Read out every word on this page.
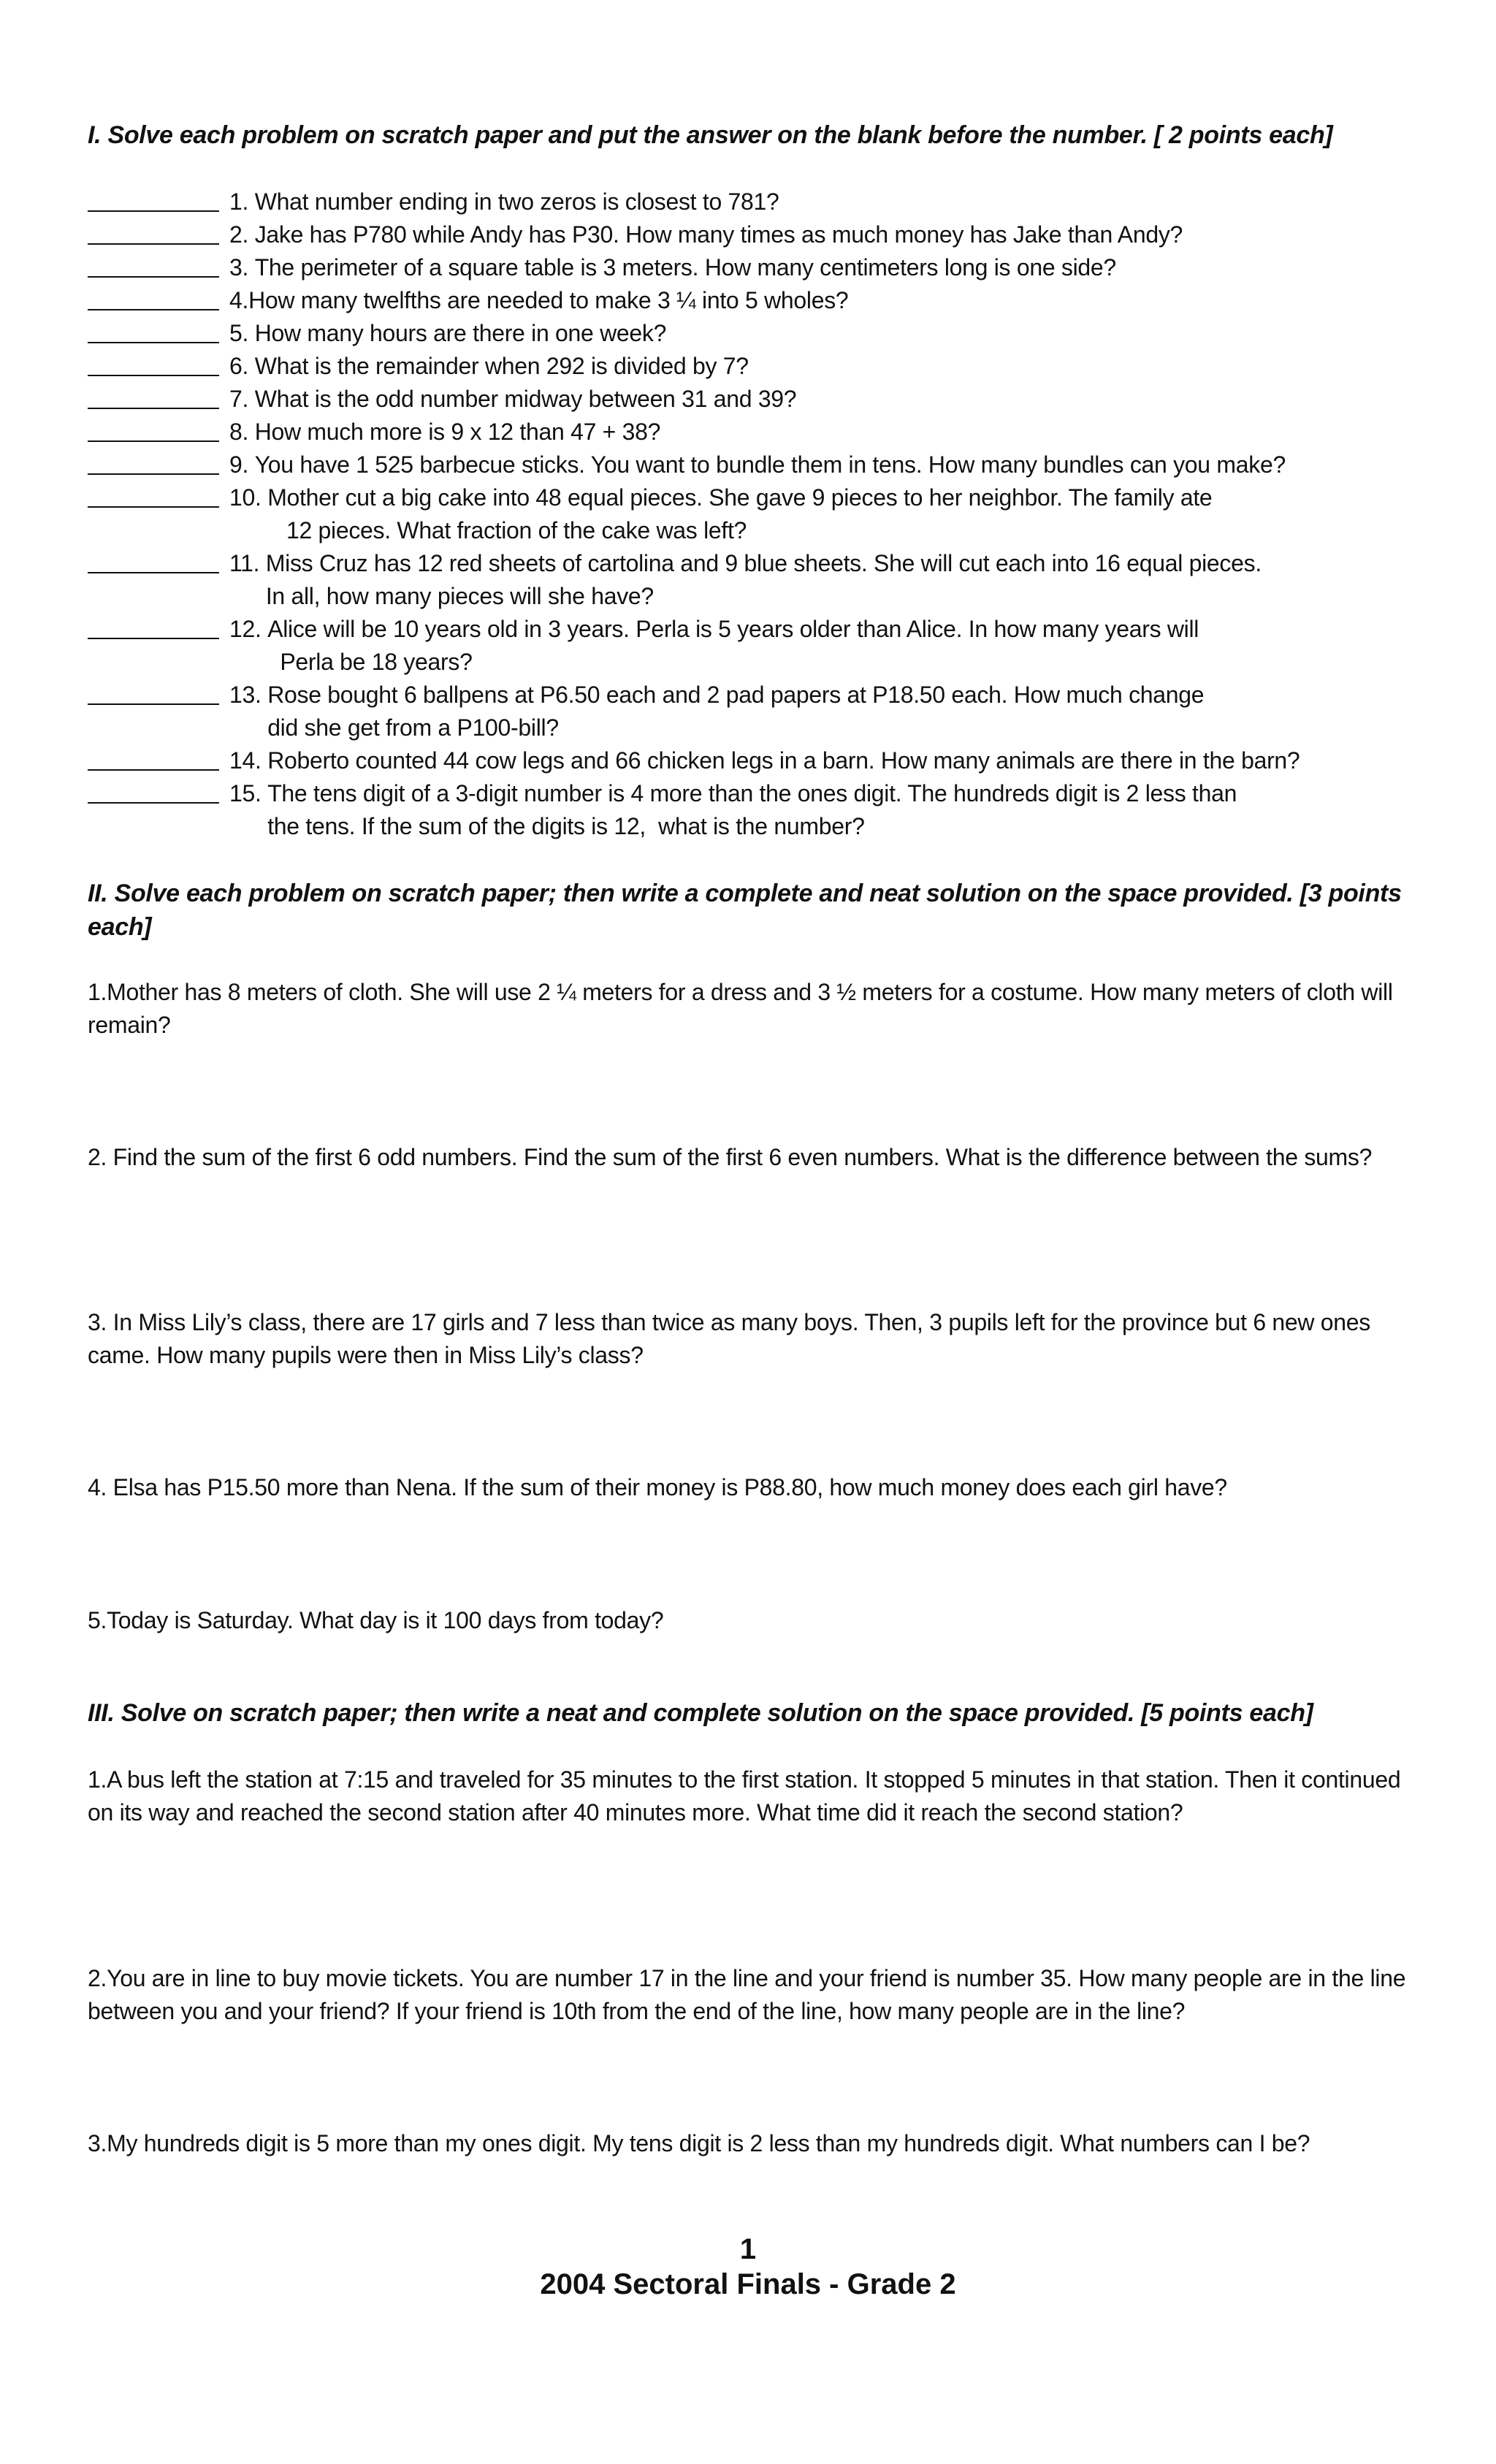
I. Solve each problem on scratch paper and put the answer on the blank before the number. [ 2 points each]
1. What number ending in two zeros is closest to 781?
2. Jake has P780 while Andy has P30. How many times as much money has Jake than Andy?
3. The perimeter of a square table is 3 meters. How many centimeters long is one side?
4. How many twelfths are needed to make 3 ¼ into 5 wholes?
5. How many hours are there in one week?
6. What is the remainder when 292 is divided by 7?
7. What is the odd number midway between 31 and 39?
8. How much more is 9 x 12 than 47 + 38?
9. You have 1 525 barbecue sticks. You want to bundle them in tens. How many bundles can you make?
10. Mother cut a big cake into 48 equal pieces. She gave 9 pieces to her neighbor. The family ate
12 pieces. What fraction of the cake was left?
11. Miss Cruz has 12 red sheets of cartolina and 9 blue sheets. She will cut each into 16 equal pieces.
In all, how many pieces will she have?
12. Alice will be 10 years old in 3 years. Perla is 5 years older than Alice. In how many years will
Perla be 18 years?
13. Rose bought 6 ballpens at P6.50 each and 2 pad papers at P18.50 each. How much change
did she get from a P100-bill?
14. Roberto counted 44 cow legs and 66 chicken legs in a barn. How many animals are there in the barn?
15. The tens digit of a 3-digit number is 4 more than the ones digit. The hundreds digit is 2 less than
the tens. If the sum of the digits is 12,  what is the number?
II. Solve each problem on scratch paper; then write a complete and neat solution on the space provided. [3 points each]
1.Mother has 8 meters of cloth. She will use 2 ¼ meters for a dress and 3 ½ meters for a costume. How many meters of cloth will remain?
2. Find the sum of the first 6 odd numbers. Find the sum of the first 6 even numbers. What is the difference between the sums?
3. In Miss Lily’s class, there are 17 girls and 7 less than twice as many boys. Then, 3 pupils left for the province but 6 new ones came. How many pupils were then in Miss Lily’s class?
4. Elsa has P15.50 more than Nena. If the sum of their money is P88.80, how much money does each girl have?
5.Today is Saturday. What day is it 100 days from today?
III. Solve on scratch paper; then write a neat and complete solution on the space provided. [5 points each]
1.A bus left the station at 7:15 and traveled for 35 minutes to the first station. It stopped 5 minutes in that station. Then it continued on its way and reached the second station after 40 minutes more. What time did it reach the second station?
2.You are in line to buy movie tickets. You are number 17 in the line and your friend is number 35. How many people are in the line between you and your friend? If your friend is 10th from the end of the line, how many people are in the line?
3.My hundreds digit is 5 more than my ones digit. My tens digit is 2 less than my hundreds digit. What numbers can I be?
1
2004 Sectoral Finals - Grade 2
